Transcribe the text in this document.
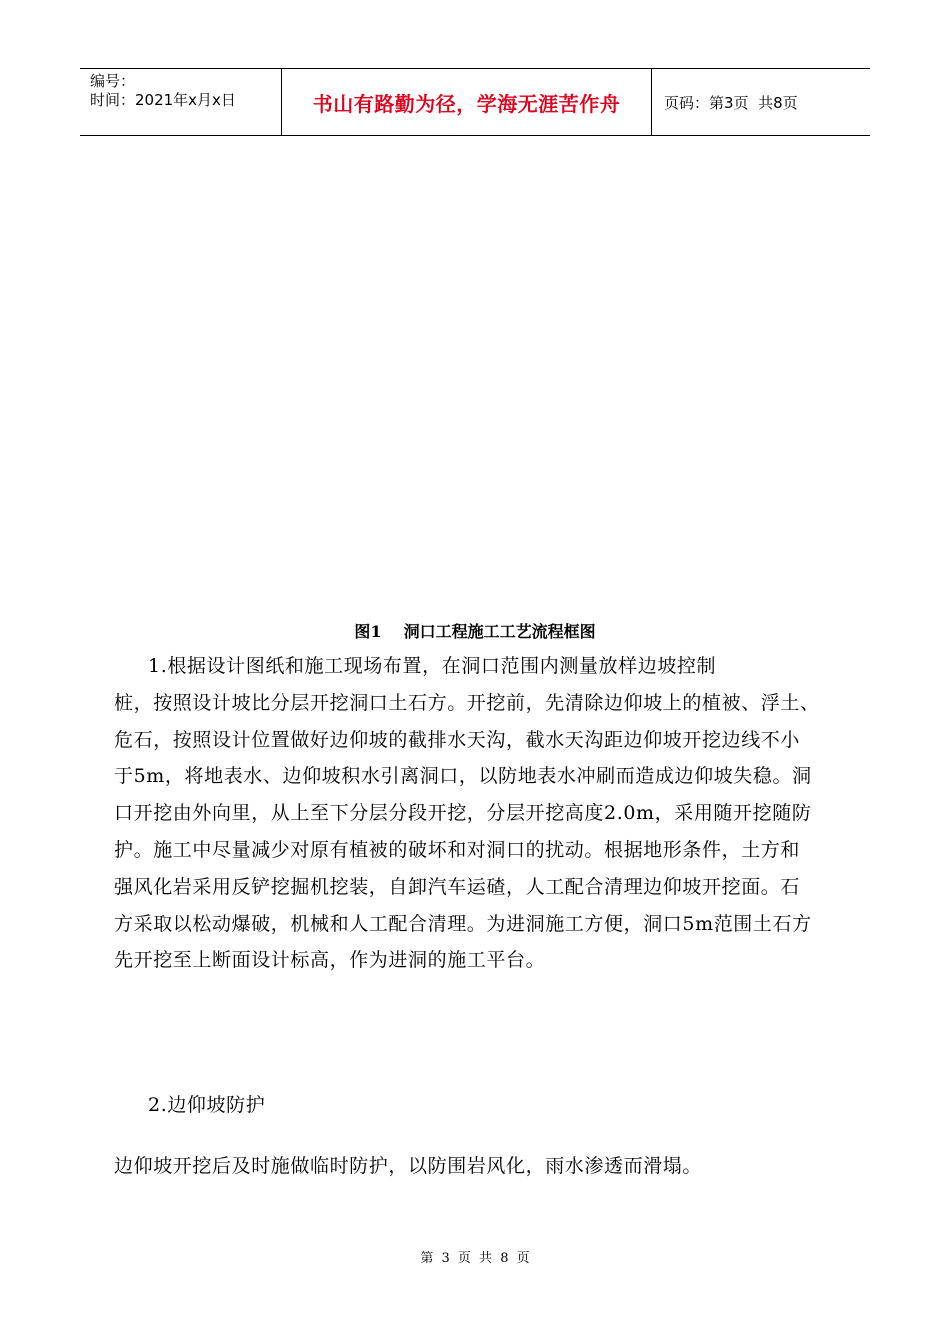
编号：
时间：2021年x月x日	书山有路勤为径，学海无涯苦作舟	页码：第3页  共8页
图1 洞口工程施工工艺流程框图
1.根据设计图纸和施工现场布置，在洞口范围内测量放样边坡控制
桩，按照设计坡比分层开挖洞口土石方。开挖前，先清除边仰坡上的植被、浮土、
危石，按照设计位置做好边仰坡的截排水天沟，截水天沟距边仰坡开挖边线不小
于5m，将地表水、边仰坡积水引离洞口，以防地表水冲刷而造成边仰坡失稳。洞
口开挖由外向里，从上至下分层分段开挖，分层开挖高度2.0m，采用随开挖随防
护。施工中尽量减少对原有植被的破坏和对洞口的扰动。根据地形条件，土方和
强风化岩采用反铲挖掘机挖装，自卸汽车运碴，人工配合清理边仰坡开挖面。石
方采取以松动爆破，机械和人工配合清理。为进洞施工方便，洞口5m范围土石方
先开挖至上断面设计标高，作为进洞的施工平台。
2.边仰坡防护
边仰坡开挖后及时施做临时防护，以防围岩风化，雨水渗透而滑塌。
第 3 页 共 8 页
